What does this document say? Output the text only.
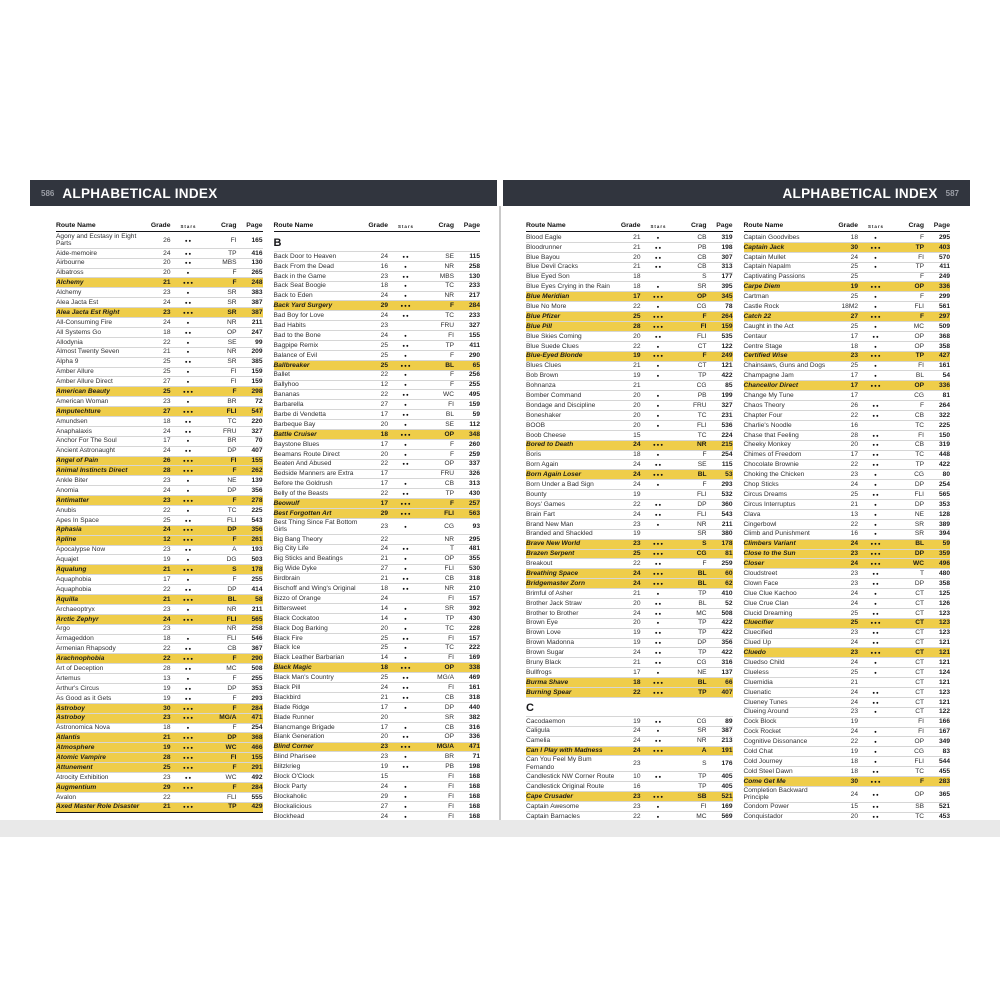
586 ALPHABETICAL INDEX	ALPHABETICAL INDEX 587
Route Name	Grade	Stars	Crag	Page
Agony and Ecstasy in Eight Parts
26	●●	FI	165
Aide-memoire	24	●●	TP	416
Airbourne	20	●●	MBS	130
Albatross	20	●	F	265
Alchemy	21	●●●	F	248
Alchemy	23	●	SR	383
Alea Jacta Est	24	●●	SR	387
Alea Jacta Est Right	23	●●●	SR	387
All-Consuming Fire	24	●	NR	211
All Systems Go	18	●●	OP	247
Allodynia	22	●	SE	99
Almost Twenty Seven	21	●	NR	209
Alpha 9	25	●●	SR	385
Amber Allure	25	●	FI	159
Amber Allure Direct	27	●	FI	159
American Beauty	25	●●●	F	298
American Woman	23	●	BR	72
Amputechture	27	●●●	FLI	547
Amundsen	18	●●	TC	220
Anaphalaxis	24	●●	FRU	327
Anchor For The Soul	17	●	BR	70
Ancient Astronaught	24	●●	DP	407
Angel of Pain	26	●●●	FI	155
Animal Instincts Direct	28	●●●	F	262
Ankle Biter	23	●	NE	139
Anomia	24	●	DP	356
Antimatter	23	●●●	F	278
Anubis	22	●	TC	225
Apes In Space	25	●●	FLI	543
Aphasia	24	●●●	DP	356
Apline	12	●●●	F	261
Apocalypse Now	23	●●	A	193
Aquajet	19	●	DG	503
Aqualung	21	●●●	S	178
Aquaphobia	17	●	F	255
Aquaphobia	22	●●	DP	414
Aquilla	21	●●●	BL	58
Archaeoptryx	23	●	NR	211
Arctic Zephyr	24	●●●	FLI	565
Argo	23	NR	258
Armageddon	18	●	FLI	546
Armenian Rhapsody	22	●●	CB	367
Arachnophobia	22	●●●	F	290
Art of Deception	28	●●	MC	508
Artemus	13	●	F	255
Arthur's Circus	19	●●	DP	353
As Good as it Gets	19	●●	F	293
Astroboy	30	●●●	F	284
Astroboy	23	●●●	MG/A	471
Astronomica Nova	18	●	F	254
Atlantis	21	●●●	DP	368
Atmosphere	19	●●●	WC	466
Atomic Vampire	28	●●●	FI	155
Attunement	25	●●●	F	291
Atrocity Exhibition	23	●●	WC	492
Augmentium	29	●●●	F	284
Avalon	22	FLI	555
Axed Master Role Disaster	21	●●●	TP	429
Route Name	Grade	Stars	Crag	Page
B
Back Door to Heaven	24	●●	SE	115
Back From the Dead	16	●	NR	258
Back in the Game	23	●●	MBS	130
Back Seat Boogie	18	●	TC	233
Back to Eden	24	●	NR	217
Back Yard Surgery	29	●●●	F	284
Bad Boy for Love	24	●●	TC	233
Bad Habits	23	FRU	327
Bad to the Bone	24	●	FI	155
Bagpipe Remix	25	●●	TP	411
Balance of Evil	25	●	F	290
Ballbreaker	25	●●●	BL	65
Ballet	22	●	F	256
Ballyhoo	12	●	F	255
Bananas	22	●●	WC	495
Barbarella	27	●	FI	159
Barbe di Vendetta	17	●●	BL	59
Barbeque Bay	20	●	SE	112
Battle Cruiser	18	●●●	OP	348
Baystone Blues	17	●	F	260
Beamans Route Direct	20	●	F	259
Beaten And Abused	22	●●	OP	337
Bedside Manners are Extra	17	FRU	326
Before the Goldrush	17	●	CB	313
Belly of the Beasts	22	●●	TP	430
Beowulf	17	●●●	F	257
Best Forgotten Art	29	●●●	FLI	563
Best Thing Since Fat Bottom Girls
23	●	CG	93
Big Bang Theory	22	NR	295
Big City Life	24	●●	T	481
Big Sticks and Beatings	21	●	OP	355
Big Wide Dyke	27	●	FLI	530
Birdbrain	21	●●	CB	318
Bischoff and Wing's Original	18	●●	NR	210
Bizzo of Orange	24	FI	157
Bittersweet	14	●	SR	392
Black Cockatoo	14	●	TP	430
Black Dog Barking	20	●	TC	228
Black Fire	25	●●	FI	157
Black Ice	25	●	TC	222
Black Leather Barbarian	14	●	FI	169
Black Magic	18	●●●	OP	338
Black Man's Country	25	●●	MG/A	469
Black Pill	24	●●	FI	161
Blackbird	21	●●	CB	318
Blade Ridge	17	●	DP	440
Blade Runner	20	SR	382
Blancmange Brigade	17	●	CB	316
Blank Generation	20	●●	OP	336
Blind Corner	23	●●●	MG/A	471
Blind Pharisee	23	●	BR	71
Blitzkrieg	19	●●	PB	198
Block O'Clock	15	FI	168
Block Party	24	●	FI	168
Blockaholic	29	●	FI	168
Blockalicious	27	●	FI	168
Blockhead	24	●	FI	168
Route Name	Grade	Stars	Crag	Page
Blood Eagle	21	●	CB	319
Bloodrunner	21	●●	PB	198
Blue Bayou	20	●●	CB	307
Blue Devil Cracks	21	●●	CB	313
Blue Eyed Son	18	S	177
Blue Eyes Crying in the Rain	18	●	SR	395
Blue Meridian	17	●●●	OP	345
Blue No More	22	●	CG	78
Blue Pfizer	25	●●●	F	264
Blue Pill	28	●●●	FI	159
Blue Skies Coming	20	●●	FLI	535
Blue Suede Clues	22	●	CT	122
Blue-Eyed Blonde	19	●●●	F	249
Blues Clues	21	●	CT	121
Bob Brown	19	●	TP	422
Bohnanza	21	CG	85
Bomber Command	20	●	PB	199
Bondage and Discipline	20	●	FRU	327
Boneshaker	20	●	TC	231
BOOB	20	●	FLI	536
Boob Cheese	15	TC	224
Bored to Death	24	●●●	NR	215
Boris	18	●	F	254
Born Again	24	●●	SE	115
Born Again Loser	24	●●●	BL	53
Born Under a Bad Sign	24	●	F	293
Bounty	19	FLI	532
Boys' Games	22	●●	DP	360
Brain Fart	24	●●	FLI	543
Brand New Man	23	●	NR	211
Branded and Shackled	19	SR	380
Brave New World	23	●●●	S	178
Brazen Serpent	25	●●●	CG	81
Breakout	22	●●	F	259
Breathing Space	24	●●●	BL	60
Bridgemaster Zorn	24	●●●	BL	62
Brimful of Asher	21	●	TP	410
Brother Jack Straw	20	●●	BL	52
Brother to Brother	24	●●	MC	508
Brown Eye	20	●	TP	422
Brown Love	19	●●	TP	422
Brown Madonna	19	●●	DP	356
Brown Sugar	24	●●	TP	422
Bruny Black	21	●●	CG	316
Bullfrogs	17	●	NE	137
Burma Shave	18	●●●	BL	66
Burning Spear	22	●●●	TP	407
C
Cacodaemon	19	●●	CG	89
Caligula	24	●	SR	387
Camelia	24	●●	NR	213
Can I Play with Madness	24	●●●	A	191
Can You Feel My Bum Fernando
23	S	176
Candlestick NW Corner Route	10	●●	TP	405
Candlestick Original Route	16	TP	405
Cape Crusader	23	●●●	SB	521
Captain Awesome	23	●	FI	169
Captain Barnacles	22	●	MC	569
Route Name	Grade	Stars	Crag	Page
Captain Goodvibes	18	●	F	295
Captain Jack	30	●●●	TP	403
Captain Mullet	24	●	FI	570
Captain Napalm	25	●	TP	411
Captivating Passions	25	F	249
Carpe Diem	19	●●●	OP	336
Cartman	25	●	F	299
Castle Rock	18M2	●	FLI	561
Catch 22	27	●●●	F	297
Caught in the Act	25	●	MC	509
Centaur	17	●●	OP	368
Centre Stage	18	●	OP	358
Certified Wise	23	●●●	TP	427
Chainsaws, Guns and Dogs	25	●	FI	161
Champagne Jam	17	●	BL	54
Chancellor Direct	17	●●●	OP	336
Change My Tune	17	CG	81
Chaos Theory	26	●●	F	264
Chapter Four	22	●●	CB	322
Charlie's Noodle	16	TC	225
Chase that Feeling	28	●●	FI	150
Cheeky Monkey	20	●●	CB	319
Chimes of Freedom	17	●●	TC	448
Chocolate Brownie	22	●●	TP	422
Choking the Chicken	23	●	CG	80
Chop Sticks	24	●	DP	254
Circus Dreams	25	●●	FLI	565
Circus Interruptus	21	●	DP	353
Clava	13	●	NE	128
Cingerbowl	22	●	SR	389
Climb and Punishment	16	●	SR	394
Climbers Variant	24	●●●	BL	59
Close to the Sun	23	●●●	DP	359
Closer	24	●●●	WC	496
Cloudstreet	23	●●	T	480
Clown Face	23	●●	DP	358
Clue Clue Kachoo	24	●	CT	125
Clue Crue Clan	24	●	CT	126
Clucid Dreaming	25	●●	CT	123
Cluecifier	25	●●●	CT	123
Cluecified	23	●●	CT	123
Clued Up	24	●●	CT	121
Cluedo	23	●●●	CT	121
Cluedso Child	24	●	CT	121
Clueless	25	●	CT	124
Cluemidia	21	CT	121
Cluenatic	24	●●	CT	123
Clueney Tunes	24	●●	CT	121
Clueing Around	23	●	CT	122
Cock Block	19	FI	166
Cock Rocket	24	●	FI	167
Cognitive Dissonance	22	●	OP	349
Cold Chat	19	●	CG	83
Cold Journey	18	●	FLI	544
Cold Steel Dawn	18	●●	TC	455
Come Get Me	30	●●●	F	283
Completion Backward Principle
24	●●	OP	365
Condom Power	15	●●	SB	521
Conquistador	20	●●	TC	453
